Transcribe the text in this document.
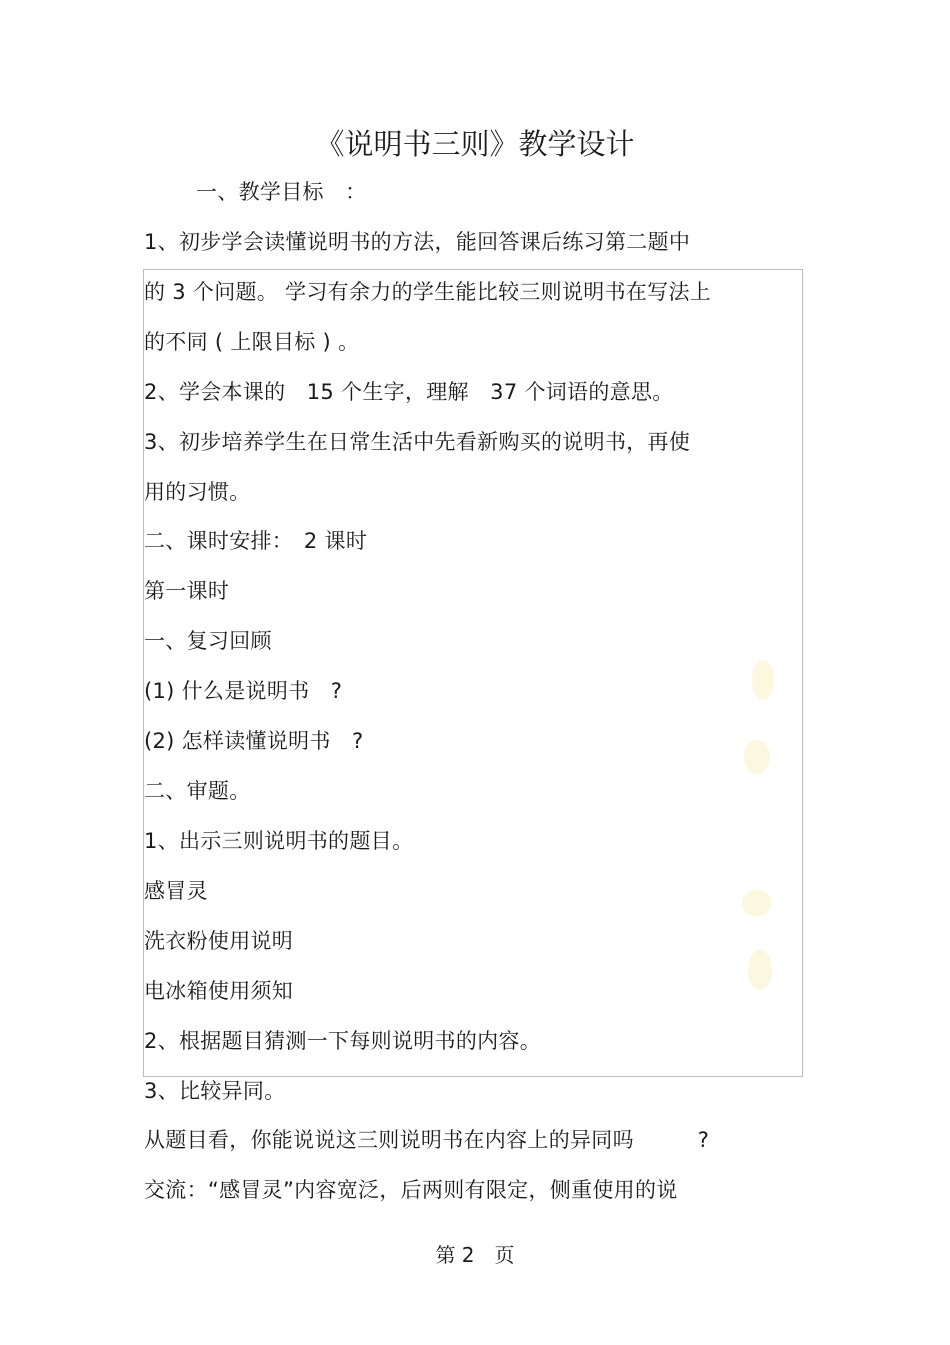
《说明书三则》教学设计
一、教学目标　：
1、初步学会读懂说明书的方法，能回答课后练习第二题中
的 3 个问题。 学习有余力的学生能比较三则说明书在写法上
的不同 ( 上限目标 ) 。
2、学会本课的　15 个生字，理解　37 个词语的意思。
3、初步培养学生在日常生活中先看新购买的说明书，再使
用的习惯。
二、课时安排：　2 课时
第一课时
一、复习回顾
(1) 什么是说明书　?
(2) 怎样读懂说明书　?
二、审题。
1、出示三则说明书的题目。
感冒灵
洗衣粉使用说明
电冰箱使用须知
2、根据题目猜测一下每则说明书的内容。
3、比较异同。
从题目看，你能说说这三则说明书在内容上的异同吗　　　?
交流：“感冒灵”内容宽泛，后两则有限定，侧重使用的说
第 2　页
